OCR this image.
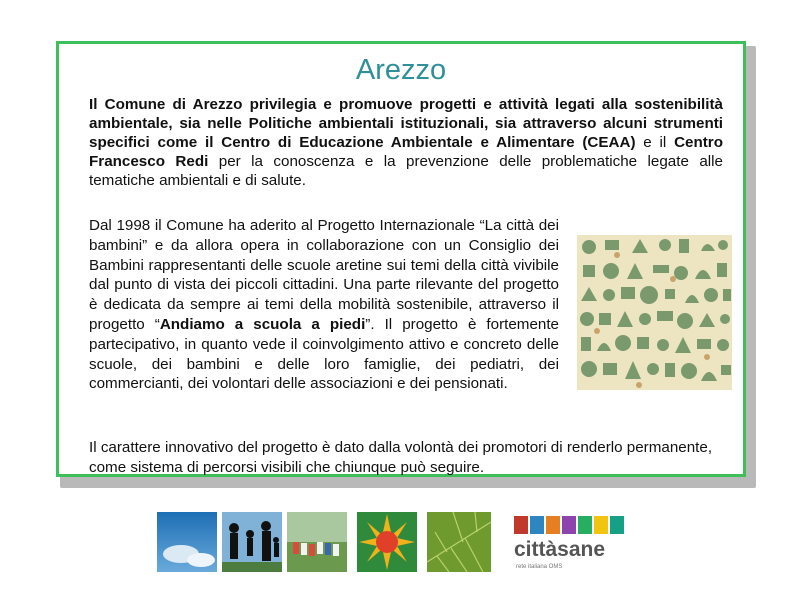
Arezzo
Il Comune di Arezzo privilegia e promuove progetti e attività legati alla sostenibilità ambientale, sia nelle Politiche ambientali istituzionali, sia attraverso alcuni strumenti specifici come il Centro di Educazione Ambientale e Alimentare (CEAA) e il Centro Francesco Redi per la conoscenza e la prevenzione delle problematiche legate alle tematiche ambientali e di salute.
Dal 1998 il Comune ha aderito al Progetto Internazionale “La città dei bambini” e da allora opera in collaborazione con un Consiglio dei Bambini rappresentanti delle scuole aretine sui temi della città vivibile dal punto di vista dei piccoli cittadini. Una parte rilevante del progetto è dedicata da sempre ai temi della mobilità sostenibile, attraverso il progetto “Andiamo a scuola a piedi”. Il progetto è fortemente partecipativo, in quanto vede il coinvolgimento attivo e concreto delle scuole, dei bambini e delle loro famiglie, dei pediatri, dei commercianti, dei volontari delle associazioni e dei pensionati.
Il carattere innovativo del progetto è dato dalla volontà dei promotori di renderlo permanente, come sistema di percorsi visibili che chiunque può seguire.
cittàsane
rete italiana OMS
